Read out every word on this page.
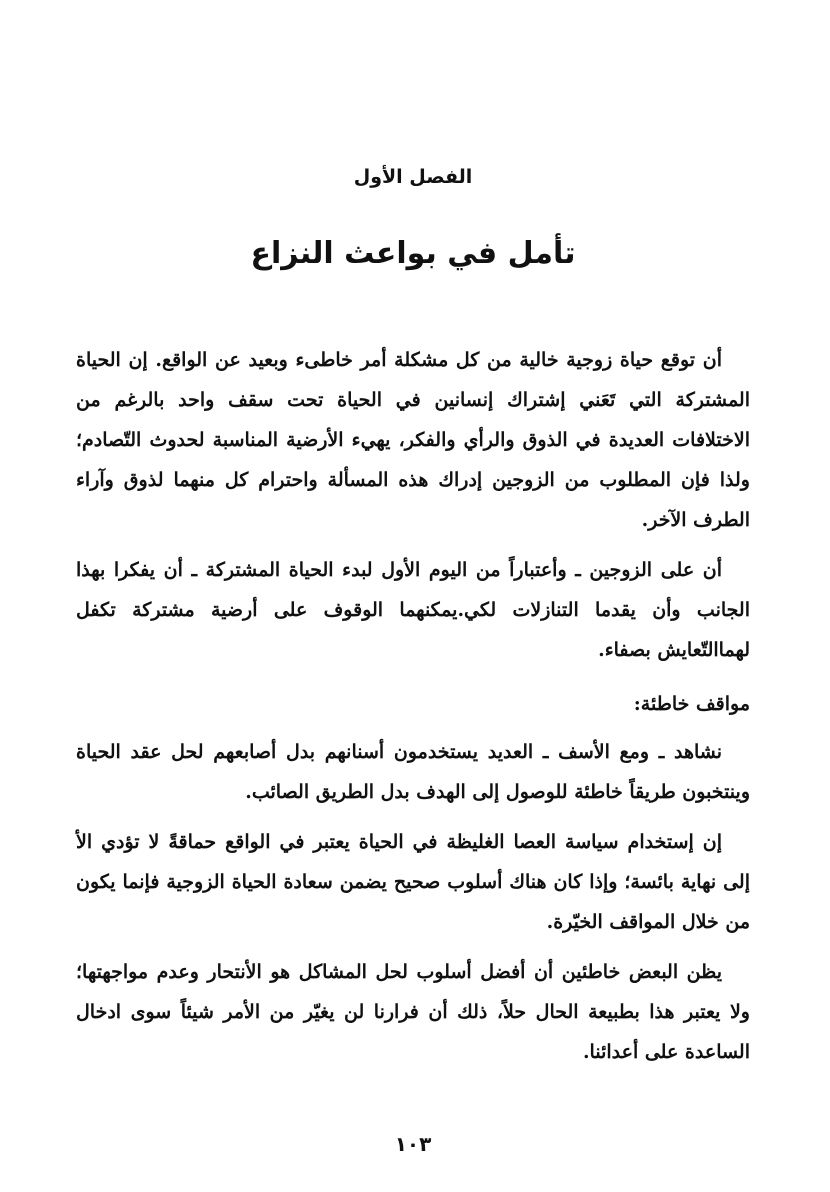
الفصل الأول
تأمل في بواعث النزاع

أن توقع حياة زوجية خالية من كل مشكلة أمر خاطىء وبعيد عن الواقع. إن الحياة المشتركة التي تَعَني إشتراك إنسانين في الحياة تحت سقف واحد بالرغم من الاختلافات العديدة في الذوق والرأي والفكر، يهيء الأرضية المناسبة لحدوث التّصادم؛ ولذا فإن المطلوب من الزوجين إدراك هذه المسألة واحترام كل منهما لذوق وآراء الطرف الآخر.

أن على الزوجين ـ وأعتباراً من اليوم الأول لبدء الحياة المشتركة ـ أن يفكرا بهذا الجانب وأن يقدما التنازلات لكي.يمكنهما الوقوف على أرضية مشتركة تكفل لهماالتّعايش بصفاء.

مواقف خاطئة:

نشاهد ـ ومع الأسف ـ العديد يستخدمون أسنانهم بدل أصابعهم لحل عقد الحياة وينتخبون طريقاً خاطئة للوصول إلى الهدف بدل الطريق الصائب.

إن إستخدام سياسة العصا الغليظة في الحياة يعتبر في الواقع حماقةً لا تؤدي الأ إلى نهاية بائسة؛ وإذا كان هناك أسلوب صحيح يضمن سعادة الحياة الزوجية فإنما يكون من خلال المواقف الخيّرة.

يظن البعض خاطئين أن أفضل أسلوب لحل المشاكل هو الأنتحار وعدم مواجهتها؛ ولا يعتبر هذا بطبيعة الحال حلاً، ذلك أن فرارنا لن يغيّر من الأمر شيئاً سوى ادخال الساعدة على أعدائنا.

١٠٣
